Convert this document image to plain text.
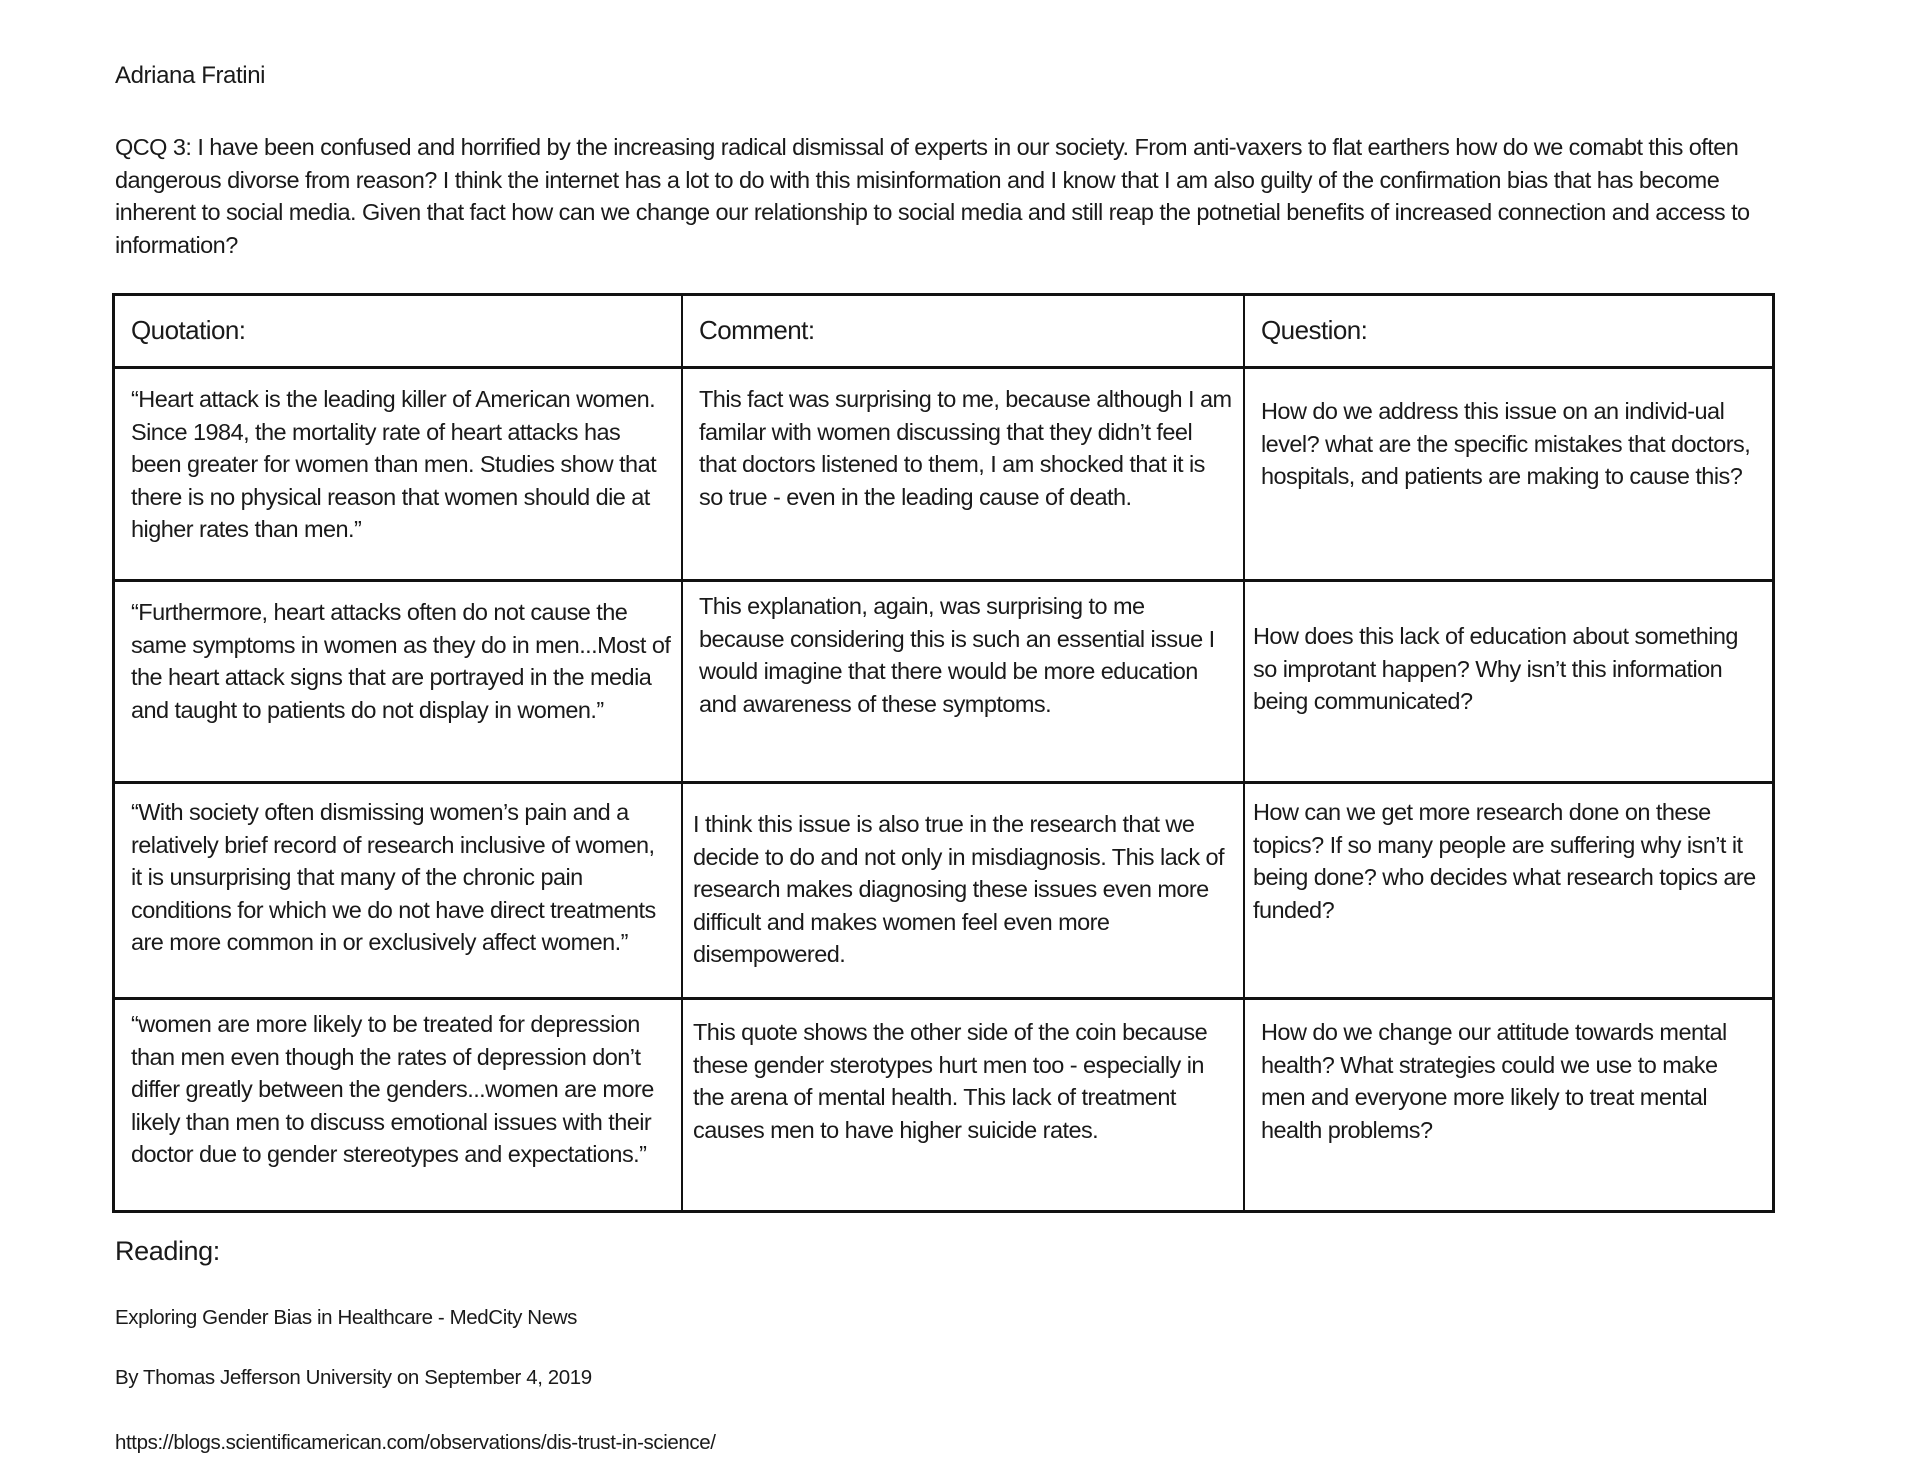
Adriana Fratini
QCQ 3: I have been confused and horrified by the increasing radical dismissal of experts in our society. From anti-vaxers to flat earthers how do we comabt this often dangerous divorse from reason? I think the internet has a lot to do with this misinformation and I know that I am also guilty of the confirmation bias that has become inherent to social media. Given that fact how can we change our relationship to social media and still reap the potnetial benefits of increased connection and access to information?
Quotation:	Comment:	Question:
“Heart attack is the leading killer of American women. Since 1984, the mortality rate of heart attacks has been greater for women than men. Studies show that there is no physical reason that women should die at higher rates than men.”
This fact was surprising to me, because although I am familar with women discussing that they didn’t feel that doctors listened to them, I am shocked that it is so true - even in the leading cause of death.
How do we address this issue on an individ-ual level? what are the specific mistakes that doctors, hospitals, and patients are making to cause this?
“Furthermore, heart attacks often do not cause the same symptoms in women as they do in men...Most of the heart attack signs that are portrayed in the media and taught to patients do not display in women.”
This explanation, again, was surprising to me because considering this is such an essential issue I would imagine that there would be more education and awareness of these symptoms.
How does this lack of education about something so improtant happen? Why isn’t this information being communicated?
“With society often dismissing women’s pain and a relatively brief record of research inclusive of women, it is unsurprising that many of the chronic pain conditions for which we do not have direct treatments are more common in or exclusively affect women.”
I think this issue is also true in the research that we decide to do and not only in misdiagnosis. This lack of research makes diagnosing these issues even more difficult and makes women feel even more disempowered.
How can we get more research done on these topics? If so many people are suffering why isn’t it being done? who decides what research topics are funded?
“women are more likely to be treated for depression than men even though the rates of depression don’t differ greatly between the genders...women are more likely than men to discuss emotional issues with their doctor due to gender stereotypes and expectations.”
This quote shows the other side of the coin because these gender sterotypes hurt men too - especially in the arena of mental health. This lack of treatment causes men to have higher suicide rates.
How do we change our attitude towards mental health? What strategies could we use to make men and everyone more likely to treat mental health problems?
Reading:
Exploring Gender Bias in Healthcare - MedCity News
By Thomas Jefferson University on September 4, 2019
https://blogs.scientificamerican.com/observations/dis-trust-in-science/
